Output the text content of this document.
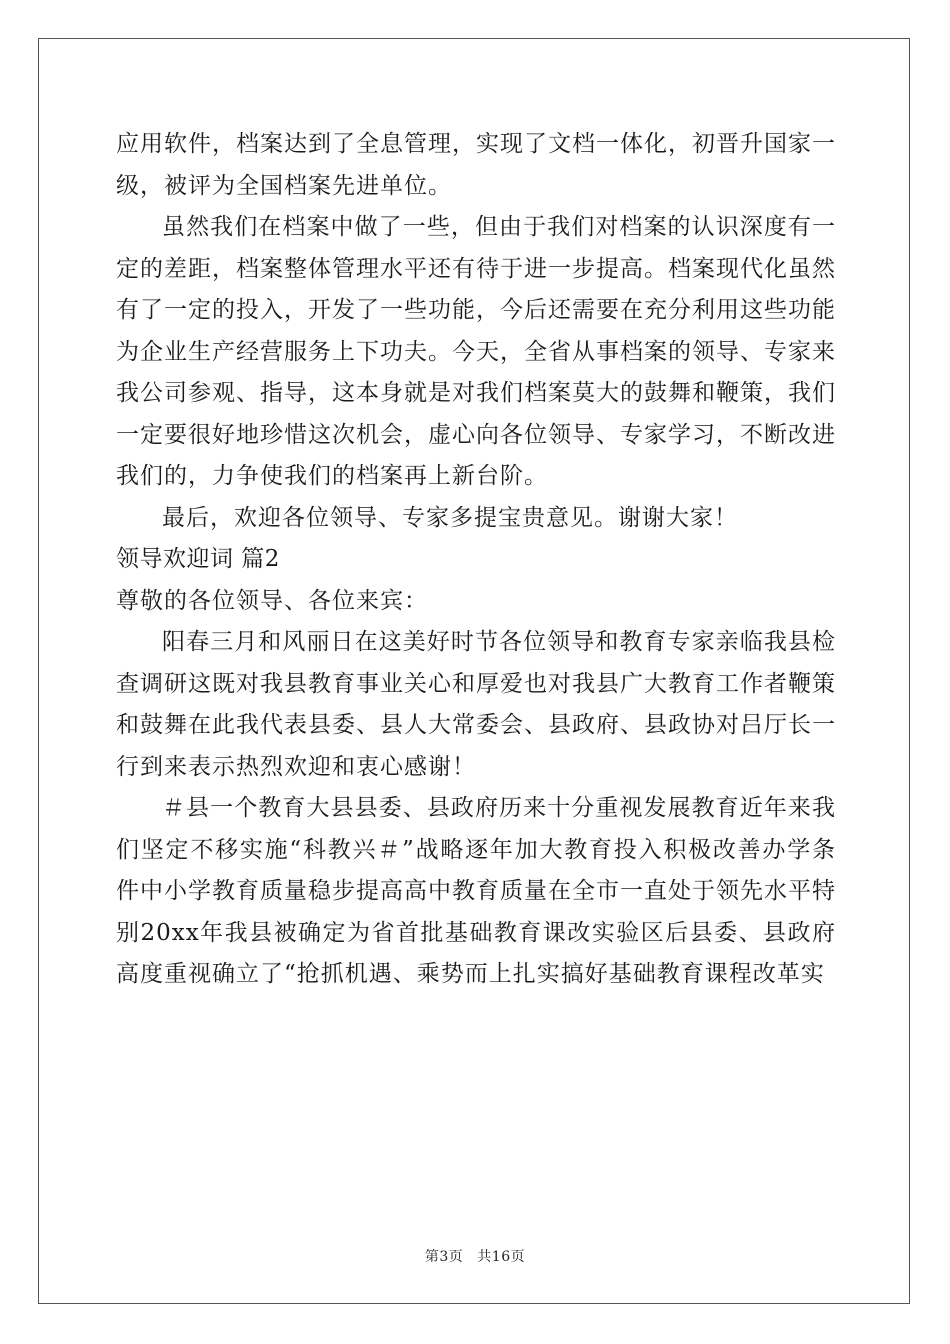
应用软件，档案达到了全息管理，实现了文档一体化，初晋升国家一级，被评为全国档案先进单位。

虽然我们在档案中做了一些，但由于我们对档案的认识深度有一定的差距，档案整体管理水平还有待于进一步提高。档案现代化虽然有了一定的投入，开发了一些功能，今后还需要在充分利用这些功能为企业生产经营服务上下功夫。今天，全省从事档案的领导、专家来我公司参观、指导，这本身就是对我们档案莫大的鼓舞和鞭策，我们一定要很好地珍惜这次机会，虚心向各位领导、专家学习，不断改进我们的，力争使我们的档案再上新台阶。

最后，欢迎各位领导、专家多提宝贵意见。谢谢大家！

领导欢迎词 篇2

尊敬的各位领导、各位来宾：

阳春三月和风丽日在这美好时节各位领导和教育专家亲临我县检查调研这既对我县教育事业关心和厚爱也对我县广大教育工作者鞭策和鼓舞在此我代表县委、县人大常委会、县政府、县政协对吕厅长一行到来表示热烈欢迎和衷心感谢！

＃县一个教育大县县委、县政府历来十分重视发展教育近年来我们坚定不移实施“科教兴＃”战略逐年加大教育投入积极改善办学条件中小学教育质量稳步提高高中教育质量在全市一直处于领先水平特别20xx年我县被确定为省首批基础教育课改实验区后县委、县政府高度重视确立了“抢抓机遇、乘势而上扎实搞好基础教育课程改革实

第3页 共16页
